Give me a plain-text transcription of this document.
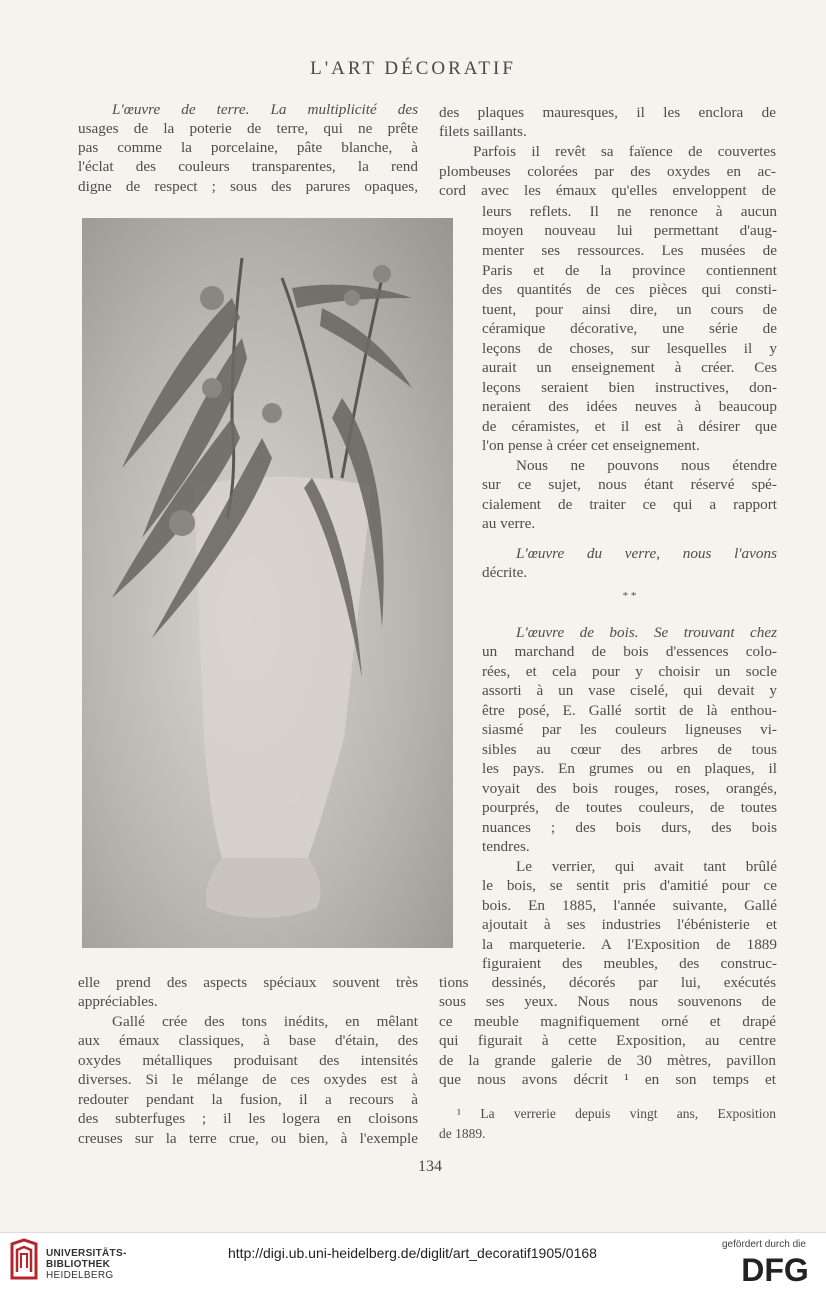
L'ART DÉCORATIF
L'œuvre de terre. La multiplicité des
usages de la poterie de terre, qui ne prête
pas comme la porcelaine, pâte blanche, à
l'éclat des couleurs transparentes, la rend
digne de respect ; sous des parures opaques,
des plaques mauresques, il les enclora de
filets saillants.
Parfois il revêt sa faïence de couvertes
plombeuses colorées par des oxydes en ac-
cord avec les émaux qu'elles enveloppent de
leurs reflets. Il ne renonce à aucun
moyen nouveau lui permettant d'aug-
menter ses ressources. Les musées de
Paris et de la province contiennent
des quantités de ces pièces qui consti-
tuent, pour ainsi dire, un cours de
céramique décorative, une série de
leçons de choses, sur lesquelles il y
aurait un enseignement à créer. Ces
leçons seraient bien instructives, don-
neraient des idées neuves à beaucoup
de céramistes, et il est à désirer que
l'on pense à créer cet enseignement.
Nous ne pouvons nous étendre
sur ce sujet, nous étant réservé spé-
cialement de traiter ce qui a rapport
au verre.
L'œuvre du verre, nous l'avons
décrite.
* *
L'œuvre de bois. Se trouvant chez
un marchand de bois d'essences colo-
rées, et cela pour y choisir un socle
assorti à un vase ciselé, qui devait y
être posé, E. Gallé sortit de là enthou-
siasmé par les couleurs ligneuses vi-
sibles au cœur des arbres de tous
les pays. En grumes ou en plaques, il
voyait des bois rouges, roses, orangés,
pourprés, de toutes couleurs, de toutes
nuances ; des bois durs, des bois
tendres.
Le verrier, qui avait tant brûlé
le bois, se sentit pris d'amitié pour ce
bois. En 1885, l'année suivante, Gallé
ajoutait à ses industries l'ébénisterie et
la marqueterie. A l'Exposition de 1889
figuraient des meubles, des construc-
elle prend des aspects spéciaux souvent très
appréciables.
Gallé crée des tons inédits, en mêlant
aux émaux classiques, à base d'étain, des
oxydes métalliques produisant des intensités
diverses. Si le mélange de ces oxydes est à
redouter pendant la fusion, il a recours à
des subterfuges ; il les logera en cloisons
creuses sur la terre crue, ou bien, à l'exemple
tions dessinés, décorés par lui, exécutés
sous ses yeux. Nous nous souvenons de
ce meuble magnifiquement orné et drapé
qui figurait à cette Exposition, au centre
de la grande galerie de 30 mètres, pavillon
que nous avons décrit ¹ en son temps et
¹ La verrerie depuis vingt ans, Exposition
de 1889.
134
UNIVERSITÄTS-
BIBLIOTHEK
HEIDELBERG
http://digi.ub.uni-heidelberg.de/diglit/art_decoratif1905/0168
gefördert durch die
DFG
